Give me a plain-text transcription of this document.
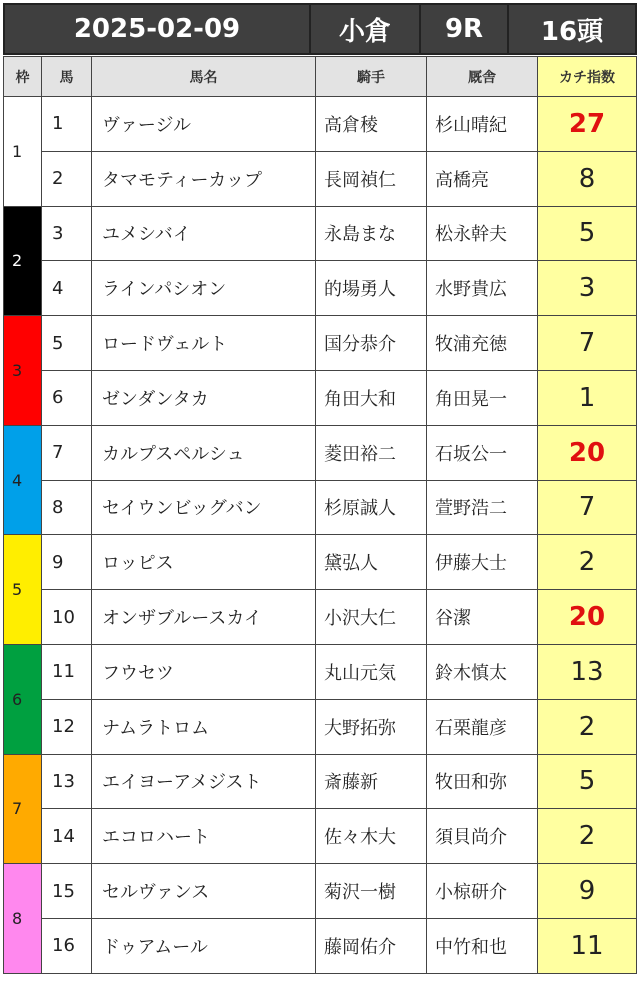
2025-02-09	小倉	9R	16頭
枠	馬	馬名	騎手	厩舎	カチ指数
1	1	ヴァージル	高倉稜	杉山晴紀	27
	2	タマモティーカップ	長岡禎仁	高橋亮	8
2	3	ユメシバイ	永島まな	松永幹夫	5
	4	ラインパシオン	的場勇人	水野貴広	3
3	5	ロードヴェルト	国分恭介	牧浦充徳	7
	6	ゼンダンタカ	角田大和	角田晃一	1
4	7	カルプスペルシュ	菱田裕二	石坂公一	20
	8	セイウンビッグバン	杉原誠人	萱野浩二	7
5	9	ロッピス	黛弘人	伊藤大士	2
	10	オンザブルースカイ	小沢大仁	谷潔	20
6	11	フウセツ	丸山元気	鈴木慎太	13
	12	ナムラトロム	大野拓弥	石栗龍彦	2
7	13	エイヨーアメジスト	斎藤新	牧田和弥	5
	14	エコロハート	佐々木大	須貝尚介	2
8	15	セルヴァンス	菊沢一樹	小椋研介	9
	16	ドゥアムール	藤岡佑介	中竹和也	11
